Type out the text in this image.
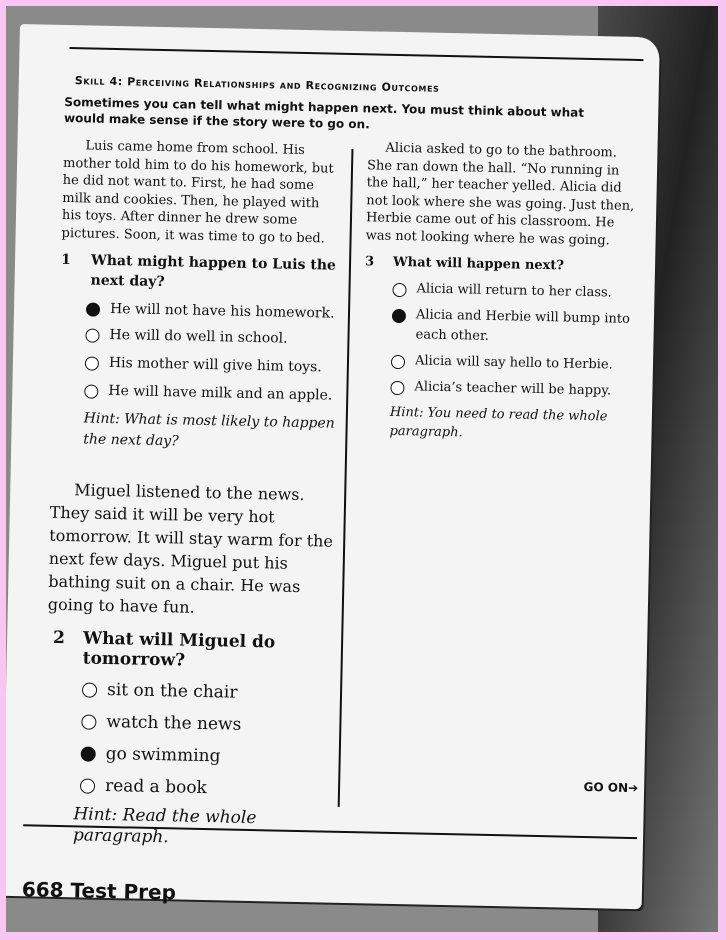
Skill 4: Perceiving Relationships and Recognizing Outcomes
Sometimes you can tell what might happen next. You must think about what would make sense if the story were to go on.

Luis came home from school. His mother told him to do his homework, but he did not want to. First, he had some milk and cookies. Then, he played with his toys. After dinner he drew some pictures. Soon, it was time to go to bed.

1	What might happen to Luis the next day?
He will not have his homework.
He will do well in school.
His mother will give him toys.
He will have milk and an apple.
Hint: What is most likely to happen the next day?

Miguel listened to the news. They said it will be very hot tomorrow. It will stay warm for the next few days. Miguel put his bathing suit on a chair. He was going to have fun.

2	What will Miguel do tomorrow?
sit on the chair
watch the news
go swimming
read a book
Hint: Read the whole paragraph.

Alicia asked to go to the bathroom. She ran down the hall. “No running in the hall,” her teacher yelled. Alicia did not look where she was going. Just then, Herbie came out of his classroom. He was not looking where he was going.

3	What will happen next?
Alicia will return to her class.
Alicia and Herbie will bump into each other.
Alicia will say hello to Herbie.
Alicia’s teacher will be happy.
Hint: You need to read the whole paragraph.
GO ON➔
668 Test Prep
